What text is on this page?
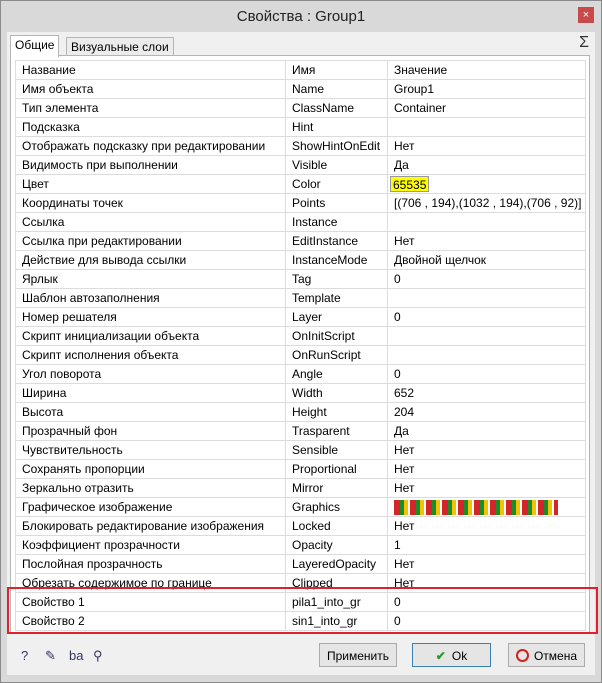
Свойства : Group1	×
Общие	Визуальные слои	Σ
Название	Имя	Значение
Имя объекта	Name	Group1
Тип элемента	ClassName	Container
Подсказка	Hint	
Отображать подсказку при редактировании	ShowHintOnEdit	Нет
Видимость при выполнении	Visible	Да
Цвет	Color	65535
Координаты точек	Points	[(706 , 194),(1032 , 194),(706 , 92)]
Ссылка	Instance	
Ссылка при редактировании	EditInstance	Нет
Действие для вывода ссылки	InstanceMode	Двойной щелчок
Ярлык	Tag	0
Шаблон автозаполнения	Template	
Номер решателя	Layer	0
Скрипт инициализации объекта	OnInitScript	
Скрипт исполнения объекта	OnRunScript	
Угол поворота	Angle	0
Ширина	Width	652
Высота	Height	204
Прозрачный фон	Trasparent	Да
Чувствительность	Sensible	Нет
Сохранять пропорции	Proportional	Нет
Зеркально отразить	Mirror	Нет
Графическое изображение	Graphics	
Блокировать редактирование изображения	Locked	Нет
Коэффициент прозрачности	Opacity	1
Послойная прозрачность	LayeredOpacity	Нет
Обрезать содержимое по границе	Clipped	Нет
Свойство 1	pila1_into_gr	0
Свойство 2	sin1_into_gr	0
? ✎ ba ⚲	Применить	✔ Ok	Отмена
